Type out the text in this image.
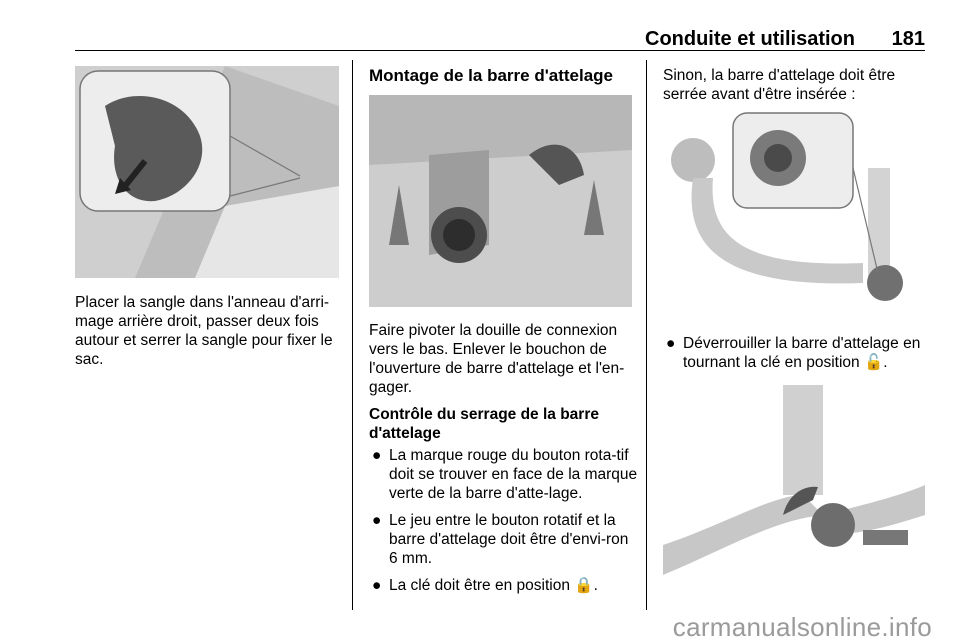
Conduite et utilisation 181
Placer la sangle dans l'anneau d'arri-mage arrière droit, passer deux fois autour et serrer la sangle pour fixer le sac.
Montage de la barre d'attelage
Faire pivoter la douille de connexion vers le bas. Enlever le bouchon de l'ouverture de barre d'attelage et l'en-gager.
Contrôle du serrage de la barre d'attelage
● La marque rouge du bouton rota-tif doit se trouver en face de la marque verte de la barre d'atte-lage.
● Le jeu entre le bouton rotatif et la barre d'attelage doit être d'envi-ron 6 mm.
● La clé doit être en position 🔒.
Sinon, la barre d'attelage doit être serrée avant d'être insérée :
● Déverrouiller la barre d'attelage en tournant la clé en position 🔓.
carmanualsonline.info
